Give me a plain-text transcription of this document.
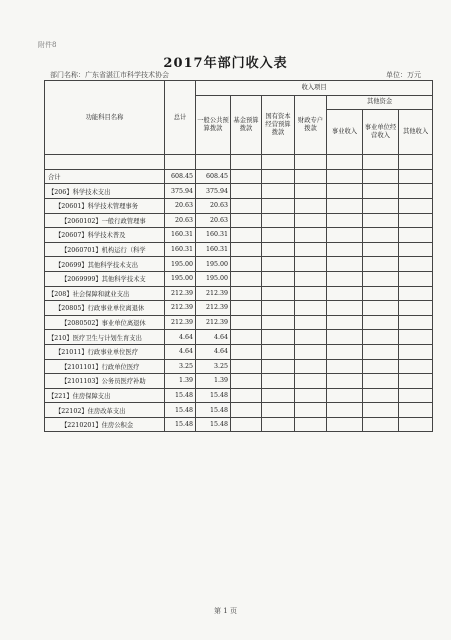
附件8
2017年部门收入表
部门名称：广东省湛江市科学技术协会	单位：万元
功能科目名称	总计	收入项目						
		一般公共预算拨款	基金预算拨款	国有资本经营预算拨款	财政专户拨款	其他资金		
						事业收入	事业单位经营收入	其他收入

合计	608.45	608.45						
【206】科学技术支出	375.94	375.94						
【20601】科学技术管理事务	20.63	20.63						
【2060102】一般行政管理事	20.63	20.63						
【20607】科学技术普及	160.31	160.31						
【2060701】机构运行（科学	160.31	160.31						
【20699】其他科学技术支出	195.00	195.00						
【2069999】其他科学技术支	195.00	195.00						
【208】社会保障和就业支出	212.39	212.39						
【20805】行政事业单位离退休	212.39	212.39						
【2080502】事业单位离退休	212.39	212.39						
【210】医疗卫生与计划生育支出	4.64	4.64						
【21011】行政事业单位医疗	4.64	4.64						
【2101101】行政单位医疗	3.25	3.25						
【2101103】公务员医疗补助	1.39	1.39						
【221】住房保障支出	15.48	15.48						
【22102】住房改革支出	15.48	15.48						
【2210201】住房公积金	15.48	15.48						
第 1 页
